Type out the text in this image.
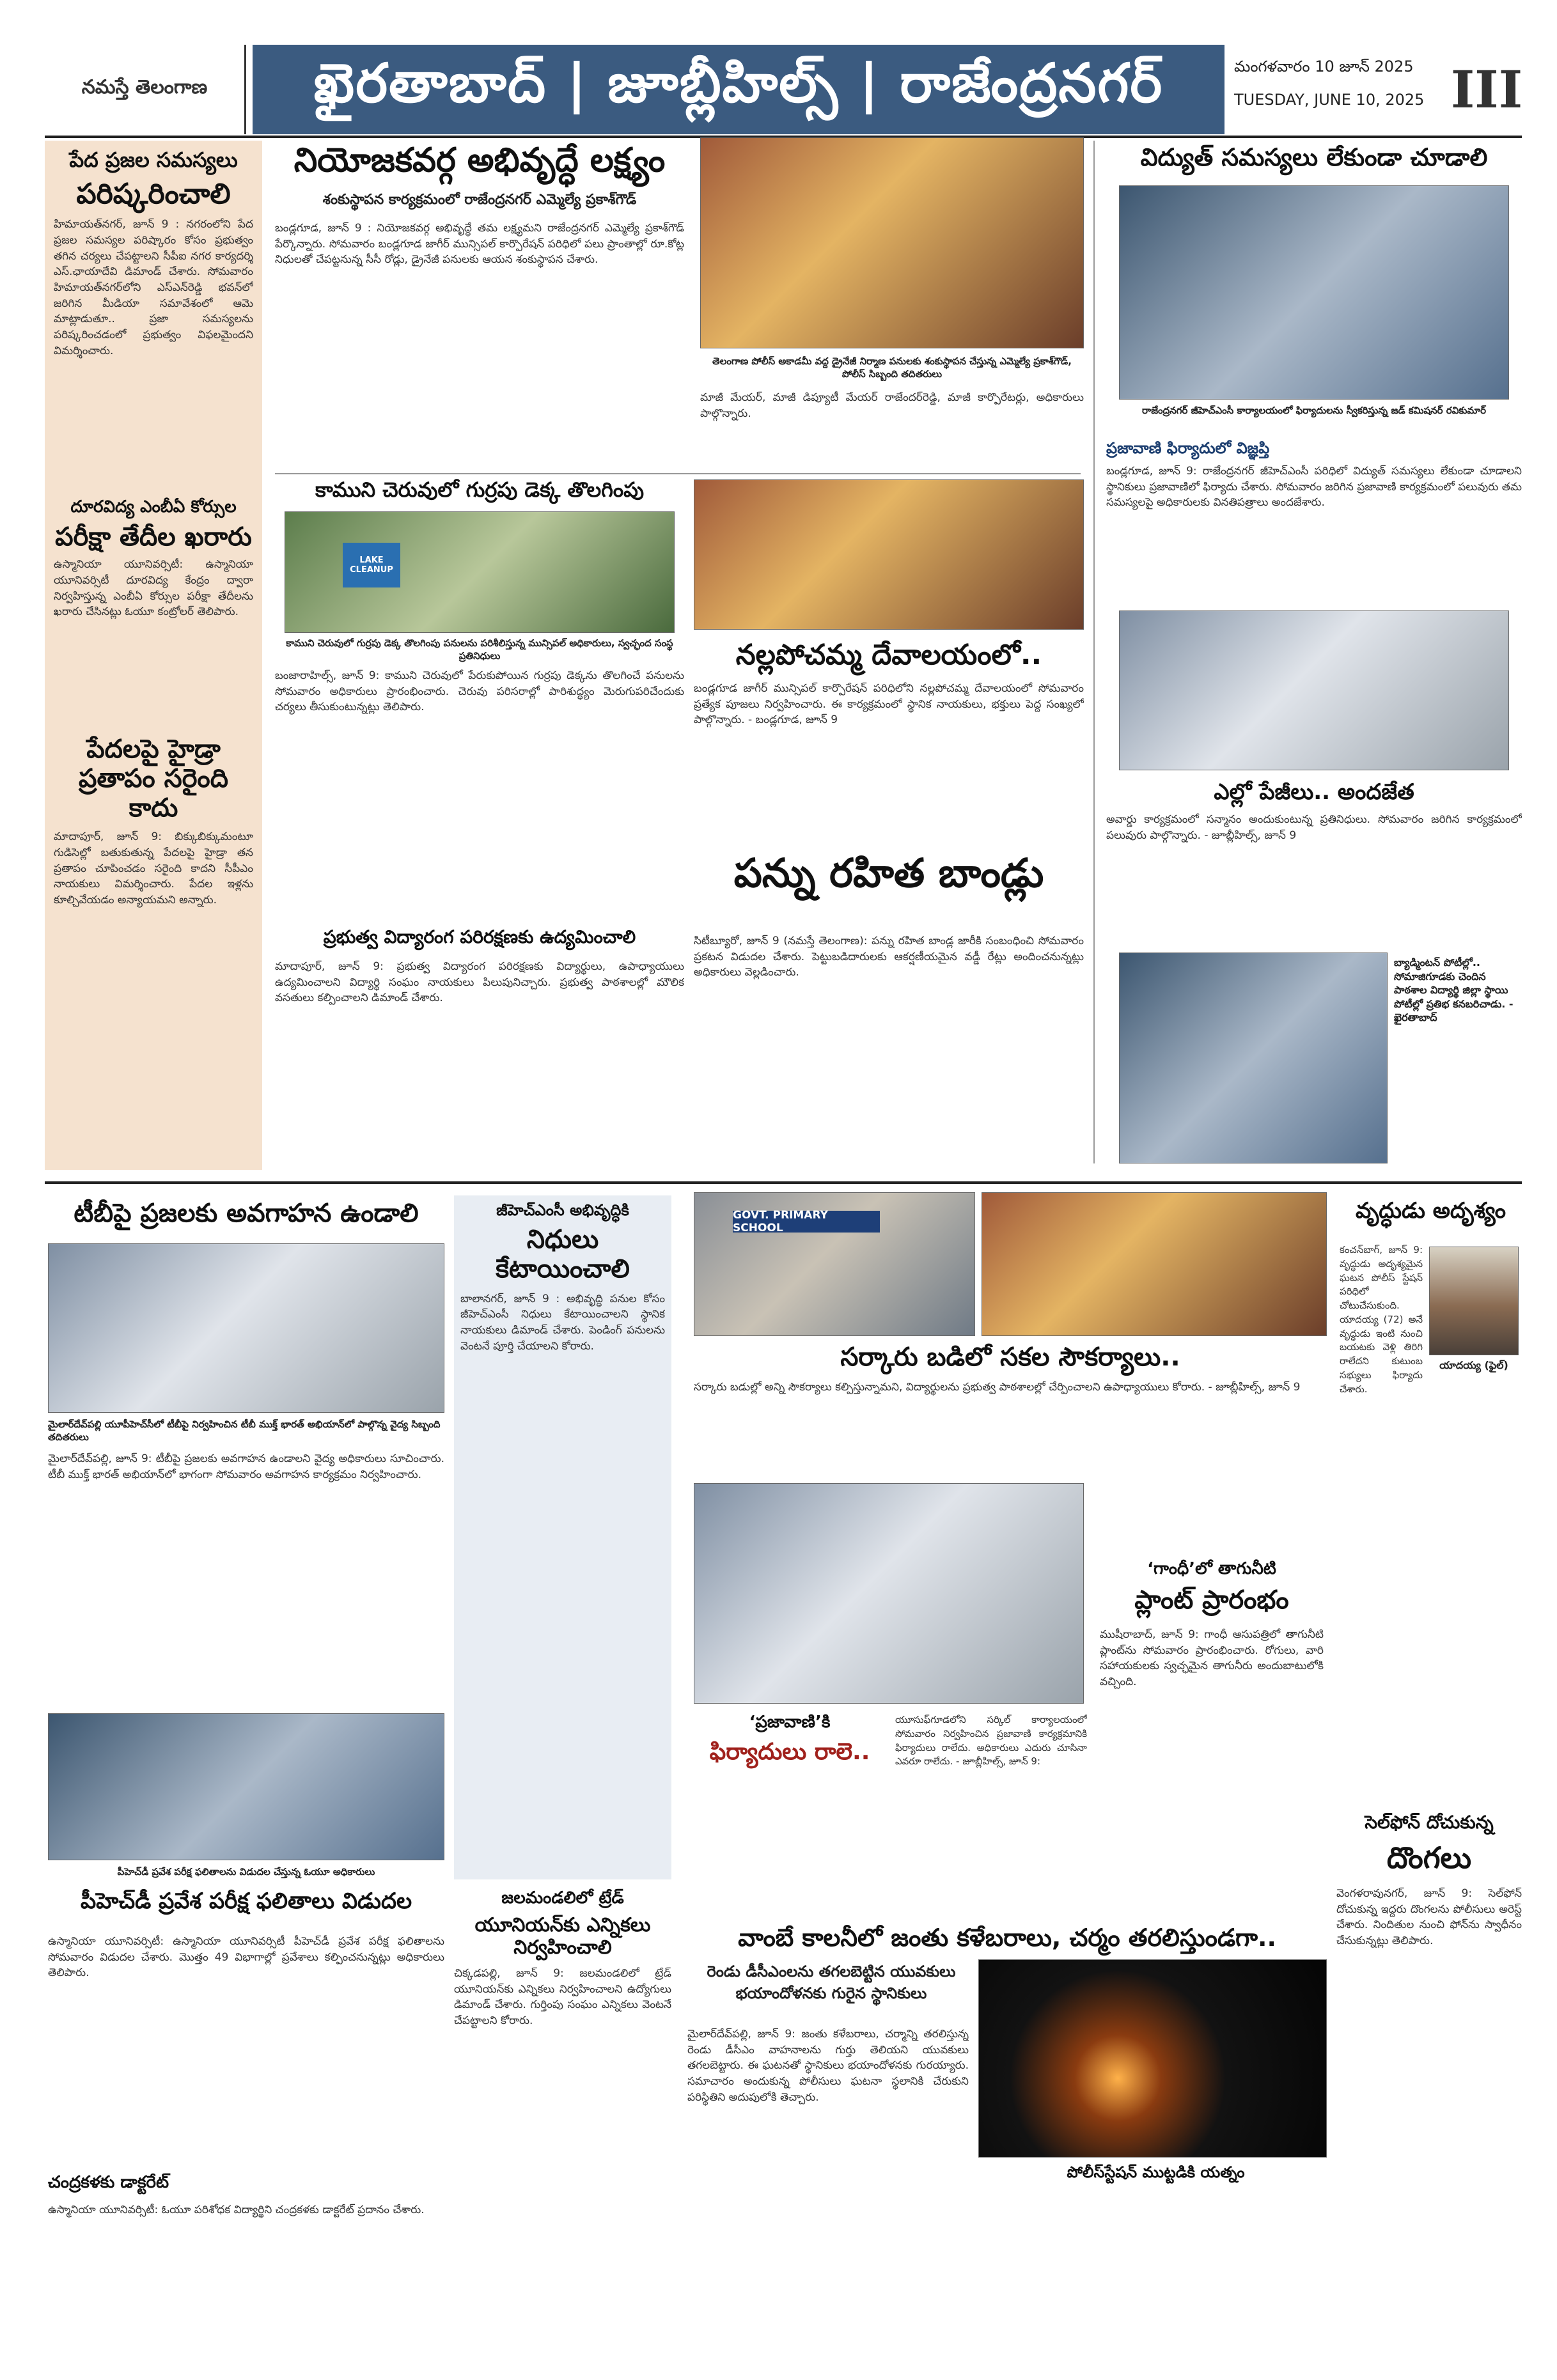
నమస్తే తెలంగాణ	ఖైరతాబాద్ | జూబ్లీహిల్స్ | రాజేంద్రనగర్	మంగళవారం 10 జూన్ 2025
TUESDAY, JUNE 10, 2025 III
పేద ప్రజల సమస్యలు
పరిష్కరించాలి
హిమాయత్‌నగర్‌, జూన్‌ 9 : నగరంలోని పేద ప్రజల సమస్యల పరిష్కారం కోసం ప్రభుత్వం తగిన చర్యలు చేపట్టాలని సీపీఐ నగర కార్యదర్శి ఎస్‌.ఛాయాదేవి డిమాండ్‌ చేశారు. సోమవారం హిమాయత్‌నగర్‌లోని ఎస్‌ఎన్‌రెడ్డి భవన్‌లో జరిగిన మీడియా సమావేశంలో ఆమె మాట్లాడుతూ.. ప్రజా సమస్యలను పరిష్కరించడంలో ప్రభుత్వం విఫలమైందని విమర్శించారు.
దూరవిద్య ఎంబీఏ కోర్సుల
పరీక్షా తేదీల ఖరారు
ఉస్మానియా యూనివర్సిటీ: ఉస్మానియా యూనివర్సిటీ దూరవిద్య కేంద్రం ద్వారా నిర్వహిస్తున్న ఎంబీఏ కోర్సుల పరీక్షా తేదీలను ఖరారు చేసినట్లు ఓయూ కంట్రోలర్‌ తెలిపారు.
పేదలపై హైడ్రా ప్రతాపం సరైంది కాదు
మాదాపూర్‌, జూన్‌ 9: బిక్కుబిక్కుమంటూ గుడిసెల్లో బతుకుతున్న పేదలపై హైడ్రా తన ప్రతాపం చూపించడం సరైంది కాదని సీపీఎం నాయకులు విమర్శించారు. పేదల ఇళ్లను కూల్చివేయడం అన్యాయమని అన్నారు.
నియోజకవర్గ అభివృద్ధే లక్ష్యం
శంకుస్థాపన కార్యక్రమంలో రాజేంద్రనగర్‌ ఎమ్మెల్యే ప్రకాశ్‌గౌడ్‌
బండ్లగూడ, జూన్‌ 9 : నియోజకవర్గ అభివృద్ధే తమ లక్ష్యమని రాజేంద్రనగర్‌ ఎమ్మెల్యే ప్రకాశ్‌గౌడ్‌ పేర్కొన్నారు. సోమవారం బండ్లగూడ జాగీర్‌ మున్సిపల్‌ కార్పొరేషన్‌ పరిధిలో పలు ప్రాంతాల్లో రూ.కోట్ల నిధులతో చేపట్టనున్న సీసీ రోడ్లు, డ్రైనేజీ పనులకు ఆయన శంకుస్థాపన చేశారు.
తెలంగాణ పోలీస్‌ అకాడమీ వద్ద డ్రైనేజీ నిర్మాణ పనులకు శంకుస్థాపన చేస్తున్న ఎమ్మెల్యే ప్రకాశ్‌గౌడ్‌, పోలీస్‌ సిబ్బంది తదితరులు
మాజీ మేయర్‌, మాజీ డిప్యూటీ మేయర్‌ రాజేందర్‌రెడ్డి, మాజీ కార్పొరేటర్లు, అధికారులు పాల్గొన్నారు.
విద్యుత్‌ సమస్యలు లేకుండా చూడాలి
రాజేంద్రనగర్‌ జీహెచ్‌ఎంసీ కార్యాలయంలో ఫిర్యాదులను స్వీకరిస్తున్న జడ్‌ కమిషనర్‌ రవికుమార్‌
ప్రజావాణి ఫిర్యాదులో విజ్ఞప్తి
బండ్లగూడ, జూన్‌ 9: రాజేంద్రనగర్‌ జీహెచ్‌ఎంసీ పరిధిలో విద్యుత్‌ సమస్యలు లేకుండా చూడాలని స్థానికులు ప్రజావాణిలో ఫిర్యాదు చేశారు. సోమవారం జరిగిన ప్రజావాణి కార్యక్రమంలో పలువురు తమ సమస్యలపై అధికారులకు వినతిపత్రాలు అందజేశారు.
కాముని చెరువులో గుర్రపు డెక్క తొలగింపు
LAKE CLEANUP
కాముని చెరువులో గుర్రపు డెక్క తొలగింపు పనులను పరిశీలిస్తున్న మున్సిపల్‌ అధికారులు, స్వచ్ఛంద సంస్థ ప్రతినిధులు
బంజారాహిల్స్‌, జూన్‌ 9: కాముని చెరువులో పేరుకుపోయిన గుర్రపు డెక్కను తొలగించే పనులను సోమవారం అధికారులు ప్రారంభించారు. చెరువు పరిసరాల్లో పారిశుద్ధ్యం మెరుగుపరిచేందుకు చర్యలు తీసుకుంటున్నట్లు తెలిపారు.
నల్లపోచమ్మ దేవాలయంలో..
బండ్లగూడ జాగీర్‌ మున్సిపల్‌ కార్పొరేషన్‌ పరిధిలోని నల్లపోచమ్మ దేవాలయంలో సోమవారం ప్రత్యేక పూజలు నిర్వహించారు. ఈ కార్యక్రమంలో స్థానిక నాయకులు, భక్తులు పెద్ద సంఖ్యలో పాల్గొన్నారు. - బండ్లగూడ, జూన్‌ 9
ఎల్లో పేజీలు.. అందజేత
అవార్డు కార్యక్రమంలో సన్మానం అందుకుంటున్న ప్రతినిధులు. సోమవారం జరిగిన కార్యక్రమంలో పలువురు పాల్గొన్నారు. - జూబ్లీహిల్స్‌, జూన్‌ 9
పన్ను రహిత బాండ్లు
సిటీబ్యూరో, జూన్‌ 9 (నమస్తే తెలంగాణ): పన్ను రహిత బాండ్ల జారీకి సంబంధించి సోమవారం ప్రకటన విడుదల చేశారు. పెట్టుబడిదారులకు ఆకర్షణీయమైన వడ్డీ రేట్లు అందించనున్నట్లు అధికారులు వెల్లడించారు.
ప్రభుత్వ విద్యారంగ పరిరక్షణకు ఉద్యమించాలి
మాదాపూర్‌, జూన్‌ 9: ప్రభుత్వ విద్యారంగ పరిరక్షణకు విద్యార్థులు, ఉపాధ్యాయులు ఉద్యమించాలని విద్యార్థి సంఘం నాయకులు పిలుపునిచ్చారు. ప్రభుత్వ పాఠశాలల్లో మౌలిక వసతులు కల్పించాలని డిమాండ్‌ చేశారు.
బ్యాడ్మింటన్‌ పోటీల్లో.. సోమాజిగూడకు చెందిన పాఠశాల విద్యార్థి జిల్లా స్థాయి పోటీల్లో ప్రతిభ కనబరిచాడు. - ఖైరతాబాద్‌
టీబీపై ప్రజలకు అవగాహన ఉండాలి
మైలార్‌దేవ్‌పల్లి యూపీహెచ్‌సీలో టీబీపై నిర్వహించిన టీబీ ముక్త్‌ భారత్‌ అభియాన్‌లో పాల్గొన్న వైద్య సిబ్బంది తదితరులు
మైలార్‌దేవ్‌పల్లి, జూన్‌ 9: టీబీపై ప్రజలకు అవగాహన ఉండాలని వైద్య అధికారులు సూచించారు. టీబీ ముక్త్‌ భారత్‌ అభియాన్‌లో భాగంగా సోమవారం అవగాహన కార్యక్రమం నిర్వహించారు.
జీహెచ్‌ఎంసీ అభివృద్ధికి
నిధులు కేటాయించాలి
బాలానగర్‌, జూన్‌ 9 : అభివృద్ధి పనుల కోసం జీహెచ్‌ఎంసీ నిధులు కేటాయించాలని స్థానిక నాయకులు డిమాండ్‌ చేశారు. పెండింగ్‌ పనులను వెంటనే పూర్తి చేయాలని కోరారు.
GOVT. PRIMARY SCHOOL
సర్కారు బడిలో సకల సౌకర్యాలు..
సర్కారు బడుల్లో అన్ని సౌకర్యాలు కల్పిస్తున్నామని, విద్యార్థులను ప్రభుత్వ పాఠశాలల్లో చేర్పించాలని ఉపాధ్యాయులు కోరారు. - జూబ్లీహిల్స్‌, జూన్‌ 9
వృద్ధుడు అదృశ్యం
యాదయ్య (ఫైల్‌)
కంచన్‌బాగ్‌, జూన్‌ 9: వృద్ధుడు అదృశ్యమైన ఘటన పోలీస్‌ స్టేషన్‌ పరిధిలో చోటుచేసుకుంది. యాదయ్య (72) అనే వృద్ధుడు ఇంటి నుంచి బయటకు వెళ్లి తిరిగి రాలేదని కుటుంబ సభ్యులు ఫిర్యాదు చేశారు.
‘ప్రజావాణి’కి
ఫిర్యాదులు రాలె..
యూసుఫ్‌గూడలోని సర్కిల్‌ కార్యాలయంలో సోమవారం నిర్వహించిన ప్రజావాణి కార్యక్రమానికి ఫిర్యాదులు రాలేదు. అధికారులు ఎదురు చూసినా ఎవరూ రాలేదు. - జూబ్లీహిల్స్‌, జూన్‌ 9:
‘గాంధీ’లో తాగునీటి
ప్లాంట్‌ ప్రారంభం
ముషీరాబాద్‌, జూన్‌ 9: గాంధీ ఆసుపత్రిలో తాగునీటి ప్లాంట్‌ను సోమవారం ప్రారంభించారు. రోగులు, వారి సహాయకులకు స్వచ్ఛమైన తాగునీరు అందుబాటులోకి వచ్చింది.
సెల్‌ఫోన్‌ దోచుకున్న
దొంగలు
వెంగళరావునగర్‌, జూన్‌ 9: సెల్‌ఫోన్‌ దోచుకున్న ఇద్దరు దొంగలను పోలీసులు అరెస్ట్‌ చేశారు. నిందితుల నుంచి ఫోన్‌ను స్వాధీనం చేసుకున్నట్లు తెలిపారు.
పీహెచ్‌డీ ప్రవేశ పరీక్ష ఫలితాలను విడుదల చేస్తున్న ఓయూ అధికారులు
పీహెచ్‌డీ ప్రవేశ పరీక్ష ఫలితాలు విడుదల
ఉస్మానియా యూనివర్సిటీ: ఉస్మానియా యూనివర్సిటీ పీహెచ్‌డీ ప్రవేశ పరీక్ష ఫలితాలను సోమవారం విడుదల చేశారు. మొత్తం 49 విభాగాల్లో ప్రవేశాలు కల్పించనున్నట్లు అధికారులు తెలిపారు.
చంద్రకళకు డాక్టరేట్‌
ఉస్మానియా యూనివర్సిటీ: ఓయూ పరిశోధక విద్యార్థిని చంద్రకళకు డాక్టరేట్‌ ప్రదానం చేశారు.
జలమండలిలో ట్రేడ్‌
యూనియన్‌కు ఎన్నికలు నిర్వహించాలి
చిక్కడపల్లి, జూన్‌ 9: జలమండలిలో ట్రేడ్‌ యూనియన్‌కు ఎన్నికలు నిర్వహించాలని ఉద్యోగులు డిమాండ్‌ చేశారు. గుర్తింపు సంఘం ఎన్నికలు వెంటనే చేపట్టాలని కోరారు.
వాంబే కాలనీలో జంతు కళేబరాలు, చర్మం తరలిస్తుండగా..
రెండు డీసీఎంలను తగలబెట్టిన యువకులు భయాందోళనకు గురైన స్థానికులు
మైలార్‌దేవ్‌పల్లి, జూన్‌ 9: జంతు కళేబరాలు, చర్మాన్ని తరలిస్తున్న రెండు డీసీఎం వాహనాలను గుర్తు తెలియని యువకులు తగలబెట్టారు. ఈ ఘటనతో స్థానికులు భయాందోళనకు గురయ్యారు. సమాచారం అందుకున్న పోలీసులు ఘటనా స్థలానికి చేరుకుని పరిస్థితిని అదుపులోకి తెచ్చారు.
పోలీస్‌స్టేషన్‌ ముట్టడికి యత్నం
